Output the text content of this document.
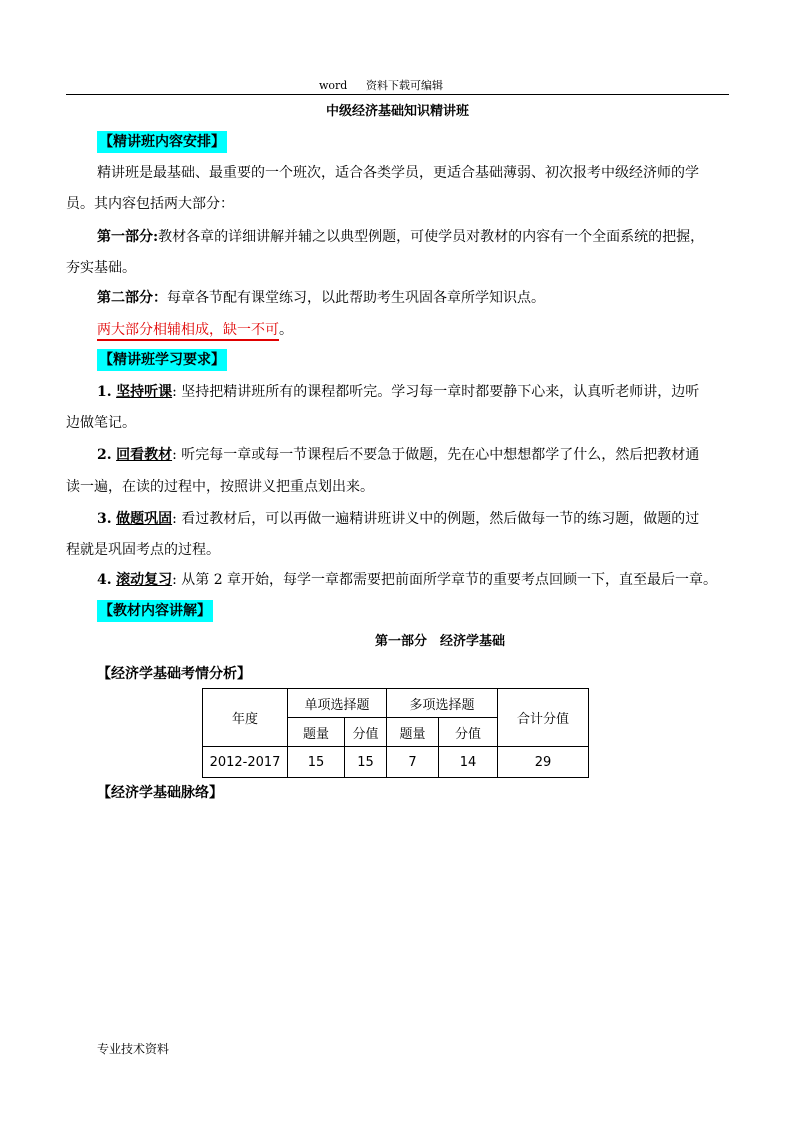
word 资料下载可编辑
中级经济基础知识精讲班
【精讲班内容安排】
精讲班是最基础、最重要的一个班次，适合各类学员，更适合基础薄弱、初次报考中级经济师的学
员。其内容包括两大部分：
第一部分:教材各章的详细讲解并辅之以典型例题，可使学员对教材的内容有一个全面系统的把握，
夯实基础。
第二部分：每章各节配有课堂练习，以此帮助考生巩固各章所学知识点。
两大部分相辅相成，缺一不可。
【精讲班学习要求】
1. 坚持听课: 坚持把精讲班所有的课程都听完。学习每一章时都要静下心来，认真听老师讲，边听
边做笔记。
2. 回看教材: 听完每一章或每一节课程后不要急于做题，先在心中想想都学了什么，然后把教材通
读一遍，在读的过程中，按照讲义把重点划出来。
3. 做题巩固: 看过教材后，可以再做一遍精讲班讲义中的例题，然后做每一节的练习题，做题的过
程就是巩固考点的过程。
4. 滚动复习: 从第 2 章开始，每学一章都需要把前面所学章节的重要考点回顾一下，直至最后一章。
【教材内容讲解】
第一部分　经济学基础
【经济学基础考情分析】
年度	单项选择题		多项选择题		合计分值
	题量	分值	题量	分值	
2012-2017	15	15	7	14	29
【经济学基础脉络】
专业技术资料
